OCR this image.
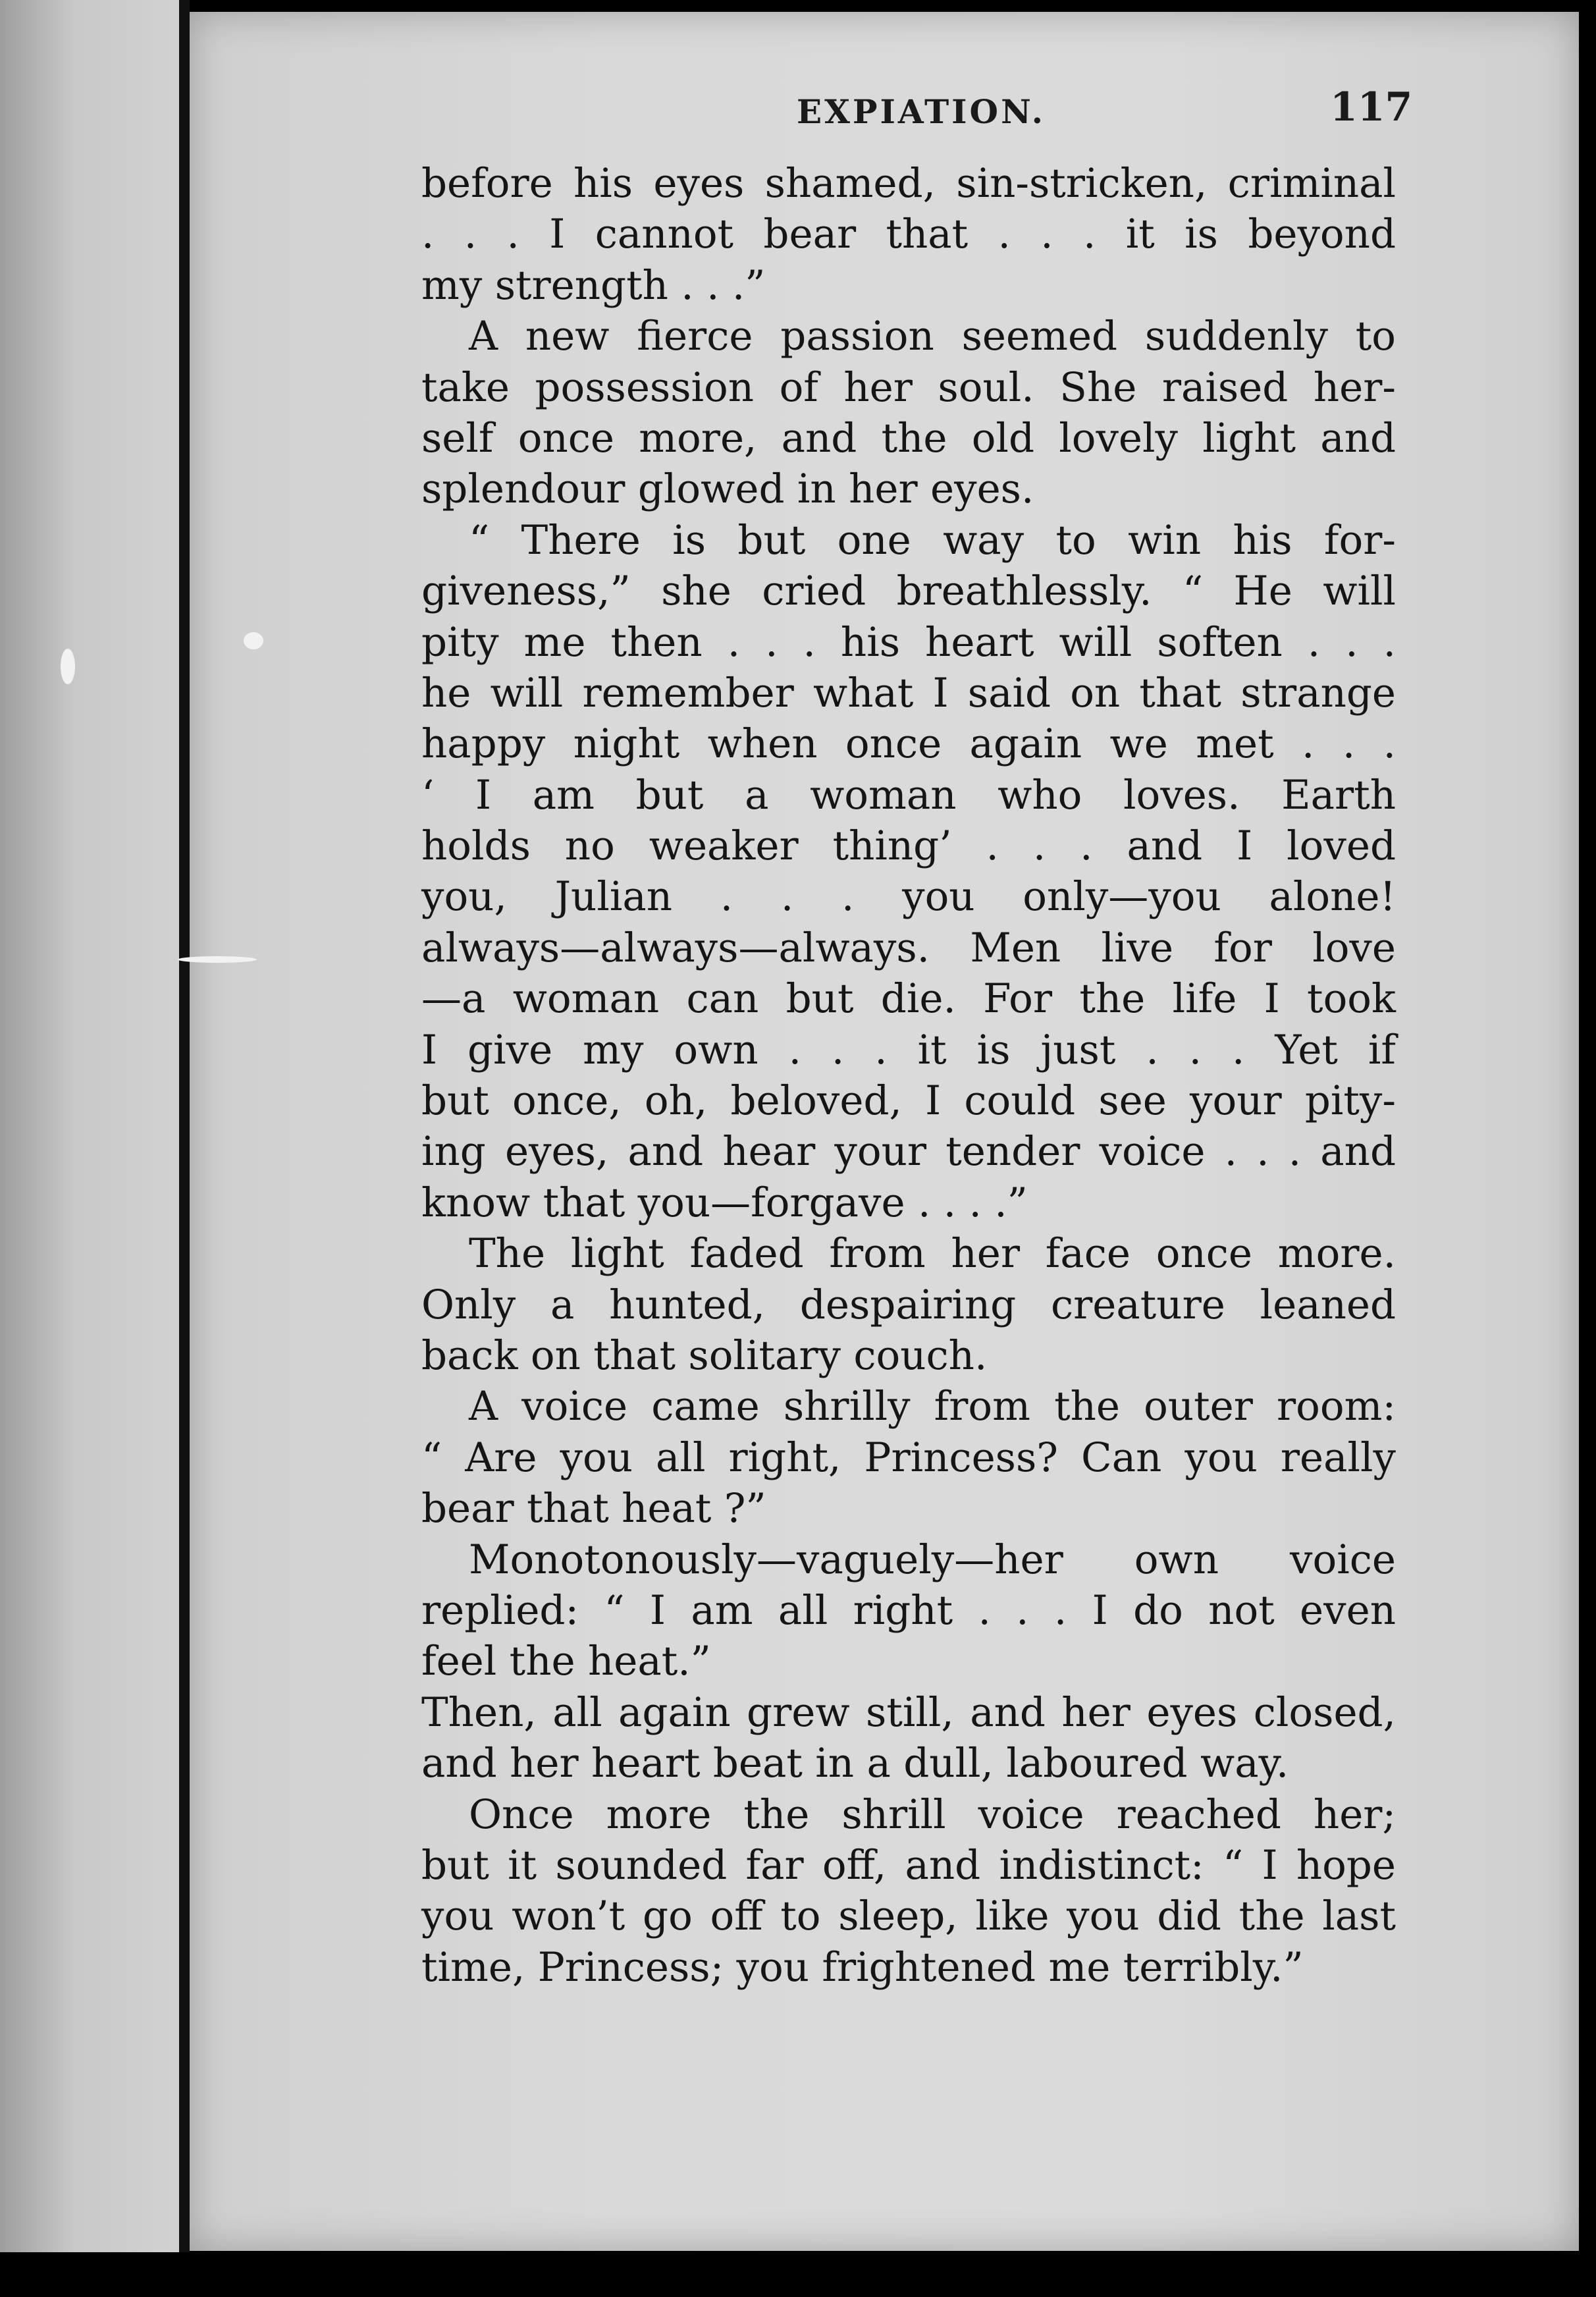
EXPIATION.	117
before his eyes shamed, sin-stricken, criminal
. . . I cannot bear that . . . it is beyond
my strength . . .”
A new fierce passion seemed suddenly to
take possession of her soul. She raised her-
self once more, and the old lovely light and
splendour glowed in her eyes.
“ There is but one way to win his for-
giveness,” she cried breathlessly. “ He will
pity me then . . . his heart will soften . . .
he will remember what I said on that strange
happy night when once again we met . . .
‘ I am but a woman who loves. Earth
holds no weaker thing’ . . . and I loved
you, Julian . . . you only—you alone!
always—always—always. Men live for love
—a woman can but die. For the life I took
I give my own . . . it is just . . . Yet if
but once, oh, beloved, I could see your pity-
ing eyes, and hear your tender voice . . . and
know that you—forgave . . . .”
The light faded from her face once more.
Only a hunted, despairing creature leaned
back on that solitary couch.
A voice came shrilly from the outer room:
“ Are you all right, Princess? Can you really
bear that heat ?”
Monotonously—vaguely—her own voice
replied: “ I am all right . . . I do not even
feel the heat.”
Then, all again grew still, and her eyes closed,
and her heart beat in a dull, laboured way.
Once more the shrill voice reached her;
but it sounded far off, and indistinct: “ I hope
you won’t go off to sleep, like you did the last
time, Princess; you frightened me terribly.”
